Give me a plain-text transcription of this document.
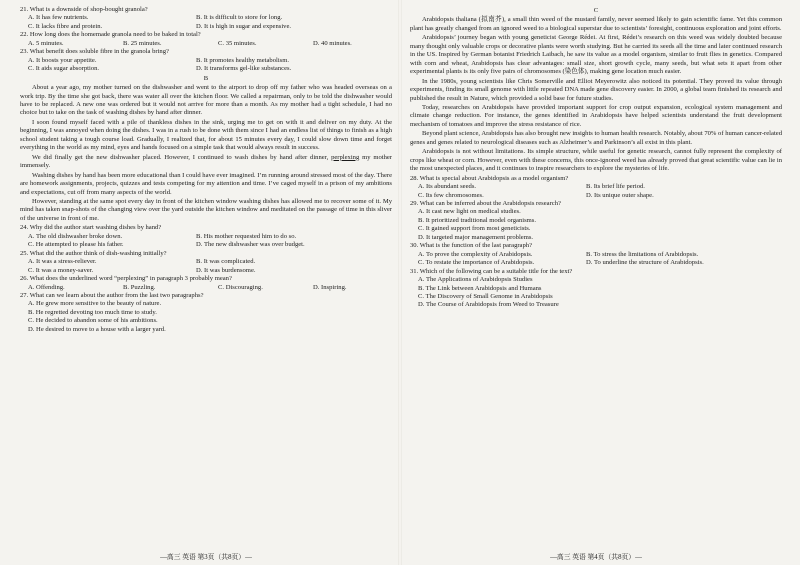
21. What is a downside of shop-bought granola?

A. It has few nutrients.	B. It is difficult to store for long.
C. It lacks fibre and protein.	D. It is high in sugar and expensive.

22. How long does the homemade granola need to be baked in total?

A. 5 minutes.	B. 25 minutes.	C. 35 minutes.	D. 40 minutes.

23. What benefit does soluble fibre in the granola bring?

A. It boosts your appetite.	B. It promotes healthy metabolism.
C. It aids sugar absorption.	D. It transforms gel-like substances.
B

About a year ago, my mother turned on the dishwasher and went to the airport to drop off my father who was headed overseas on a work trip. By the time she got back, there was water all over the kitchen floor. We called a repairman, only to be told the dishwasher would have to be replaced. A new one was ordered but it would not arrive for more than a month. As my mother had a tight schedule, I had no choice but to take on the task of washing dishes by hand after dinner.

I soon found myself faced with a pile of thankless dishes in the sink, urging me to get on with it and deliver on my duty. At the beginning, I was annoyed when doing the dishes. I was in a rush to be done with them since I had an endless list of things to finish as a high school student taking a tough course load. Gradually, I realized that, for about 15 minutes every day, I could slow down time and forget everything in the world as my mind, eyes and hands focused on a simple task that would always result in success.

We did finally get the new dishwasher placed. However, I continued to wash dishes by hand after dinner, perplexing my mother immensely.

Washing dishes by hand has been more educational than I could have ever imagined. I’m running around stressed most of the day. There are homework assignments, projects, quizzes and tests competing for my attention and time. I’ve caged myself in a prison of my ambitions and expectations, cut off from many aspects of the world.

However, standing at the same spot every day in front of the kitchen window washing dishes has allowed me to recover some of it. My mind has taken snap-shots of the changing view over the yard outside the kitchen window and meditated on the passage of time in this sliver of the universe in front of me.

24. Why did the author start washing dishes by hand?

A. The old dishwasher broke down.	B. His mother requested him to do so.
C. He attempted to please his father.	D. The new dishwasher was over budget.

25. What did the author think of dish-washing initially?

A. It was a stress-reliever.	B. It was complicated.
C. It was a money-saver.	D. It was burdensome.

26. What does the underlined word “perplexing” in paragraph 3 probably mean?

A. Offending.	B. Puzzling.	C. Discouraging.	D. Inspiring.

27. What can we learn about the author from the last two paragraphs?

A. He grew more sensitive to the beauty of nature.
B. He regretted devoting too much time to study.
C. He decided to abandon some of his ambitions.
D. He desired to move to a house with a larger yard.
—高三 英语 第3页（共8页）—
C

Arabidopsis thaliana (拟南芥), a small thin weed of the mustard family, never seemed likely to gain scientific fame. Yet this common plant has greatly changed from an ignored weed to a biological superstar due to scientists’ foresight, continuous exploration and joint efforts.

Arabidopsis’ journey began with young geneticist George Rédei. At first, Rédei’s research on this weed was widely doubted because many thought only valuable crops or decorative plants were worth studying. But he carried its seeds all the time and later continued research in the US. Inspired by German botanist Friedrich Laibach, he saw its value as a model organism, similar to fruit flies in genetics. Compared with corn and wheat, Arabidopsis has clear advantages: small size, short growth cycle, many seeds, but what sets it apart from other experimental plants is its only five pairs of chromosomes (染色体), making gene location much easier.

In the 1980s, young scientists like Chris Somerville and Elliot Meyerowitz also noticed its potential. They proved its value through experiments, finding its small genome with little repeated DNA made gene discovery easier. In 2000, a global team finished its research and published the result in Nature, which provided a solid base for future studies.

Today, researches on Arabidopsis have provided important support for crop output expansion, ecological system management and climate change reduction. For instance, the genes identified in Arabidopsis have helped scientists understand the fruit development mechanism of tomatoes and improve the stress resistance of rice.

Beyond plant science, Arabidopsis has also brought new insights to human health research. Notably, about 70% of human cancer-related genes and genes related to neurological diseases such as Alzheimer’s and Parkinson’s all exist in this plant.

Arabidopsis is not without limitations. Its simple structure, while useful for genetic research, cannot fully represent the complexity of crops like wheat or corn. However, even with these concerns, this once-ignored weed has already proved that great scientific value can lie in the most unexpected places, and it continues to inspire researchers to explore the mysteries of life.

28. What is special about Arabidopsis as a model organism?

A. Its abundant seeds.	B. Its brief life period.
C. Its few chromosomes.	D. Its unique outer shape.

29. What can be inferred about the Arabidopsis research?

A. It cast new light on medical studies.
B. It prioritized traditional model organisms.
C. It gained support from most geneticists.
D. It targeted major management problems.

30. What is the function of the last paragraph?

A. To prove the complexity of Arabidopsis.	B. To stress the limitations of Arabidopsis.
C. To restate the importance of Arabidopsis.	D. To underline the structure of Arabidopsis.

31. Which of the following can be a suitable title for the text?

A. The Applications of Arabidopsis Studies
B. The Link between Arabidopsis and Humans
C. The Discovery of Small Genome in Arabidopsis
D. The Course of Arabidopsis from Weed to Treasure
—高三 英语 第4页（共8页）—
